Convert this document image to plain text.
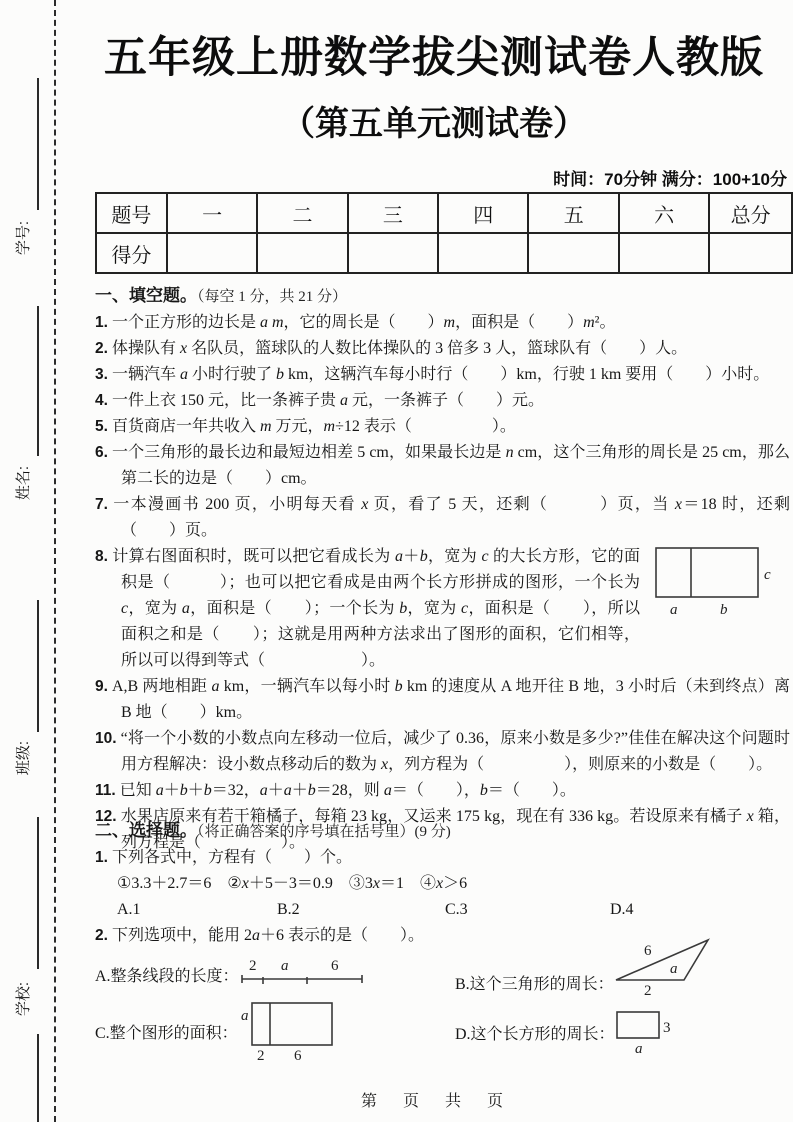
学号:
姓名:
班级:
学校:
五年级上册数学拔尖测试卷人教版
（第五单元测试卷）
时间：70分钟 满分：100+10分
题号	一	二	三	四	五	六	总分
得分							
一、填空题。（每空 1 分，共 21 分）
1. 一个正方形的边长是 a m，它的周长是（　　）m，面积是（　　）m²。
2. 体操队有 x 名队员，篮球队的人数比体操队的 3 倍多 3 人，篮球队有（　　）人。
3. 一辆汽车 a 小时行驶了 b km，这辆汽车每小时行（　　）km，行驶 1 km 要用（　　）小时。
4. 一件上衣 150 元，比一条裤子贵 a 元，一条裤子（　　）元。
5. 百货商店一年共收入 m 万元，m÷12 表示（　　　　　）。
6. 一个三角形的最长边和最短边相差 5 cm，如果最长边是 n cm，这个三角形的周长是 25 cm，那么第二长的边是（　　）cm。
7. 一本漫画书 200 页，小明每天看 x 页，看了 5 天，还剩（　　　）页，当 x＝18 时，还剩（　　）页。
a	b
c
8. 计算右图面积时，既可以把它看成长为 a＋b，宽为 c 的大长方形，它的面积是（　　　）；也可以把它看成是由两个长方形拼成的图形，一个长为 c，宽为 a，面积是（　　）；一个长为 b，宽为 c，面积是（　　），所以面积之和是（　　）；这就是用两种方法求出了图形的面积，它们相等，所以可以得到等式（　　　　　　）。
9. A,B 两地相距 a km，一辆汽车以每小时 b km 的速度从 A 地开往 B 地，3 小时后（未到终点）离 B 地（　　）km。
10. “将一个小数的小数点向左移动一位后，减少了 0.36，原来小数是多少?”佳佳在解决这个问题时用方程解决：设小数点移动后的数为 x，列方程为（　　　　　），则原来的小数是（　　）。
11. 已知 a＋b＋b＝32，a＋a＋b＝28，则 a＝（　　），b＝（　　）。
12. 水果店原来有若干箱橘子，每箱 23 kg，又运来 175 kg，现在有 336 kg。若设原来有橘子 x 箱，列方程是（　　　　　）。
二、选择题。（将正确答案的序号填在括号里）(9 分)
1. 下列各式中，方程有（　　）个。
①3.3＋2.7＝6　②x＋5－3＝0.9　③3x＝1　④x＞6
A.1	B.2	C.3	D.4
2. 下列选项中，能用 2a＋6 表示的是（　　）。
A.整条线段的长度：
2 a	6
B.这个三角形的周长：
6
a
2
C.整个图形的面积：
a
2 6
D.这个长方形的周长：	3
a
第 页 共 页
